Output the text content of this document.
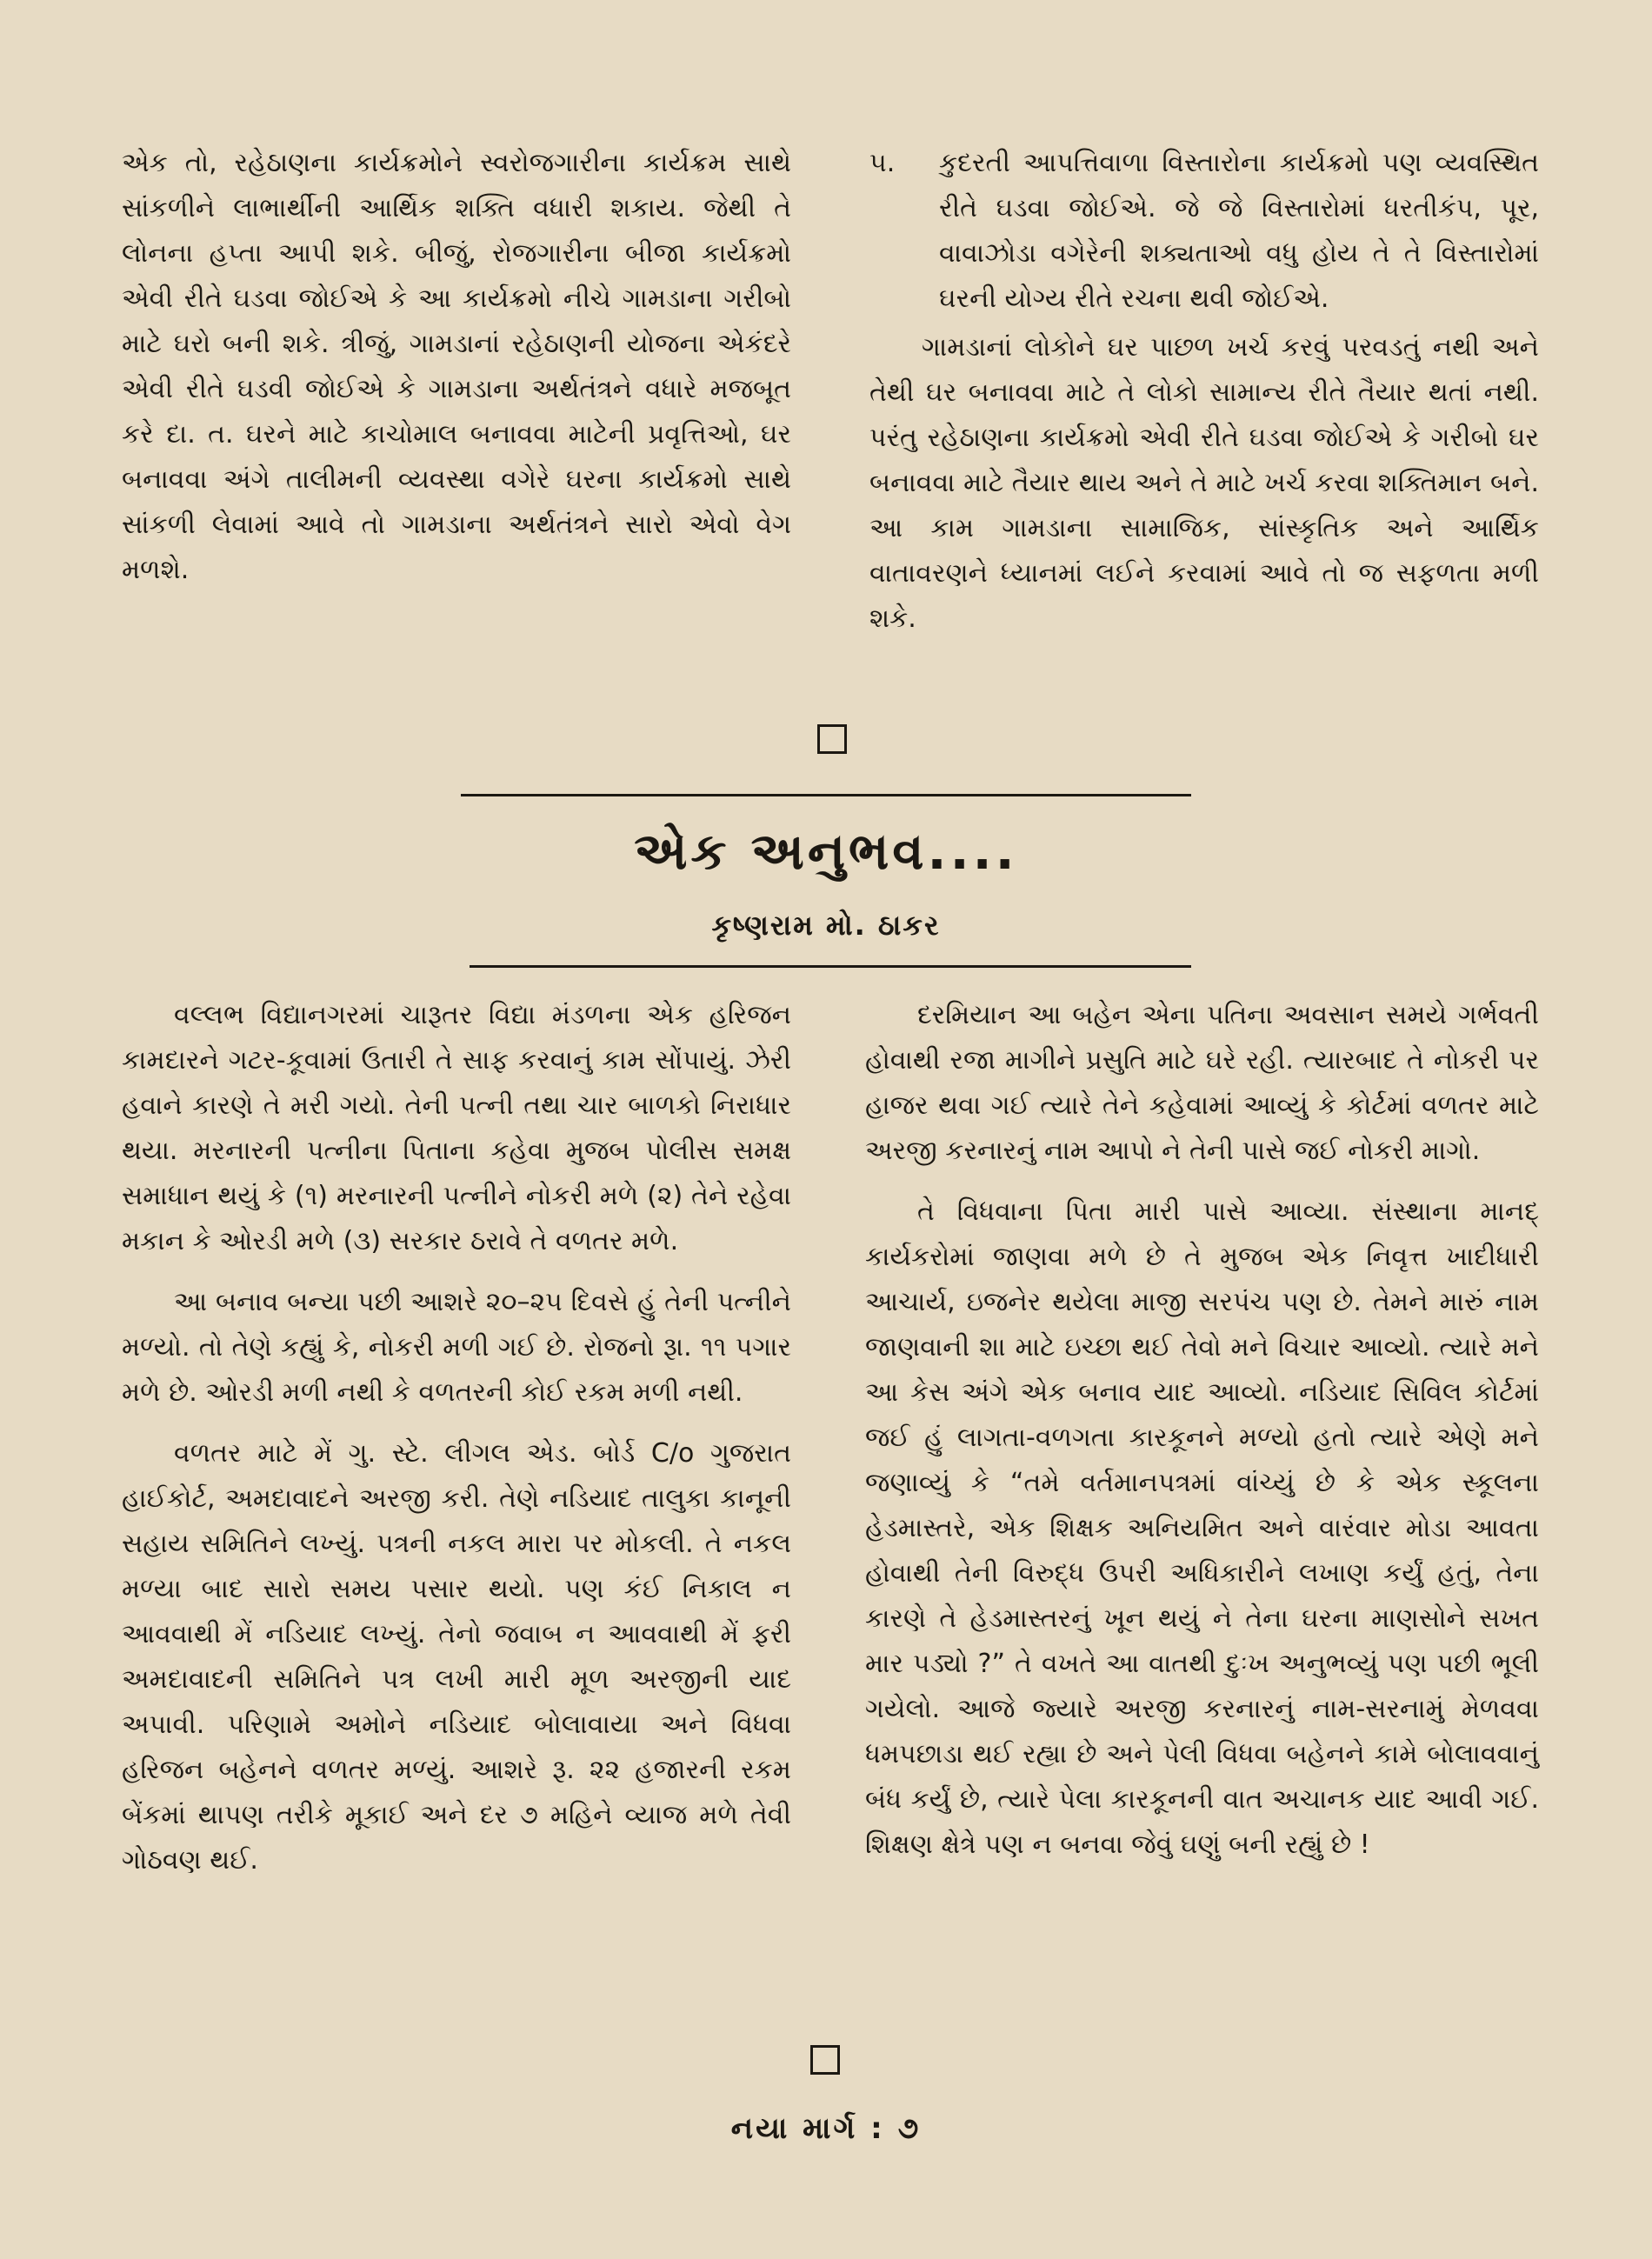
એક તો, રહેઠાણના કાર્યક્રમોને સ્વરોજગારીના કાર્યક્રમ સાથે સાંકળીને લાભાર્થીની આર્થિક શક્તિ વધારી શકાય. જેથી તે લોનના હપ્તા આપી શકે. બીજું, રોજગારીના બીજા કાર્યક્રમો એવી રીતે ઘડવા જોઈએ કે આ કાર્યક્રમો નીચે ગામડાના ગરીબો માટે ઘરો બની શકે. ત્રીજું, ગામડાનાં રહેઠાણની યોજના એકંદરે એવી રીતે ઘડવી જોઈએ કે ગામડાના અર્થતંત્રને વધારે મજબૂત કરે દા. ત. ઘરને માટે કાચોમાલ બનાવવા માટેની પ્રવૃત્તિઓ, ઘર બનાવવા અંગે તાલીમની વ્યવસ્થા વગેરે ઘરના કાર્યક્રમો સાથે સાંકળી લેવામાં આવે તો ગામડાના અર્થતંત્રને સારો એવો વેગ મળશે.

૫.	કુદરતી આપત્તિવાળા વિસ્તારોના કાર્યક્રમો પણ વ્યવસ્થિત રીતે ઘડવા જોઈએ. જે જે વિસ્તારોમાં ધરતીકંપ, પૂર, વાવાઝોડા વગેરેની શક્યતાઓ વધુ હોય તે તે વિસ્તારોમાં ઘરની યોગ્ય રીતે રચના થવી જોઈએ.

ગામડાનાં લોકોને ઘર પાછળ ખર્ચ કરવું પરવડતું નથી અને તેથી ઘર બનાવવા માટે તે લોકો સામાન્ય રીતે તૈયાર થતાં નથી. પરંતુ રહેઠાણના કાર્યક્રમો એવી રીતે ઘડવા જોઈએ કે ગરીબો ઘર બનાવવા માટે તૈયાર થાય અને તે માટે ખર્ચ કરવા શક્તિમાન બને. આ કામ ગામડાના સામાજિક, સાંસ્કૃતિક અને આર્થિક વાતાવરણને ધ્યાનમાં લઈને કરવામાં આવે તો જ સફળતા મળી શકે.

એક અનુભવ....
કૃષ્ણરામ મો. ઠાકર

વલ્લભ વિદ્યાનગરમાં ચારૂતર વિદ્યા મંડળના એક હરિજન કામદારને ગટર-કૂવામાં ઉતારી તે સાફ કરવાનું કામ સોંપાયું. ઝેરી હવાને કારણે તે મરી ગયો. તેની પત્ની તથા ચાર બાળકો નિરાધાર થયા. મરનારની પત્નીના પિતાના કહેવા મુજબ પોલીસ સમક્ષ સમાધાન થયું કે (૧) મરનારની પત્નીને નોકરી મળે (૨) તેને રહેવા મકાન કે ઓરડી મળે (૩) સરકાર ઠરાવે તે વળતર મળે.

આ બનાવ બન્યા પછી આશરે ૨૦–૨૫ દિવસે હું તેની પત્નીને મળ્યો. તો તેણે કહ્યું કે, નોકરી મળી ગઈ છે. રોજનો રૂા. ૧૧ પગાર મળે છે. ઓરડી મળી નથી કે વળતરની કોઈ રકમ મળી નથી.

વળતર માટે મેં ગુ. સ્ટે. લીગલ એડ. બોર્ડ C/o ગુજરાત હાઈકોર્ટ, અમદાવાદને અરજી કરી. તેણે નડિયાદ તાલુકા કાનૂની સહાય સમિતિને લખ્યું. પત્રની નકલ મારા પર મોકલી. તે નકલ મળ્યા બાદ સારો સમય પસાર થયો. પણ કંઈ નિકાલ ન આવવાથી મેં નડિયાદ લખ્યું. તેનો જવાબ ન આવવાથી મેં ફરી અમદાવાદની સમિતિને પત્ર લખી મારી મૂળ અરજીની યાદ અપાવી. પરિણામે અમોને નડિયાદ બોલાવાયા અને વિધવા હરિજન બહેનને વળતર મળ્યું. આશરે રૂ. ૨૨ હજારની રકમ બેંકમાં થાપણ તરીકે મૂકાઈ અને દર ૭ મહિને વ્યાજ મળે તેવી ગોઠવણ થઈ.

દરમિયાન આ બહેન એના પતિના અવસાન સમયે ગર્ભવતી હોવાથી રજા માગીને પ્રસુતિ માટે ઘરે રહી. ત્યારબાદ તે નોકરી પર હાજર થવા ગઈ ત્યારે તેને કહેવામાં આવ્યું કે કોર્ટમાં વળતર માટે અરજી કરનારનું નામ આપો ને તેની પાસે જઈ નોકરી માગો.

તે વિધવાના પિતા મારી પાસે આવ્યા. સંસ્થાના માનદ્ કાર્યકરોમાં જાણવા મળે છે તે મુજબ એક નિવૃત્ત ખાદીધારી આચાર્ય, ઇજનેર થયેલા માજી સરપંચ પણ છે. તેમને મારું નામ જાણવાની શા માટે ઇચ્છા થઈ તેવો મને વિચાર આવ્યો. ત્યારે મને આ કેસ અંગે એક બનાવ યાદ આવ્યો. નડિયાદ સિવિલ કોર્ટમાં જઈ હું લાગતા-વળગતા કારકૂનને મળ્યો હતો ત્યારે એણે મને જણાવ્યું કે “તમે વર્તમાનપત્રમાં વાંચ્યું છે કે એક સ્કૂલના હેડમાસ્તરે, એક શિક્ષક અનિયમિત અને વારંવાર મોડા આવતા હોવાથી તેની વિરુદ્ધ ઉપરી અધિકારીને લખાણ કર્યું હતું, તેના કારણે તે હેડમાસ્તરનું ખૂન થયું ને તેના ઘરના માણસોને સખત માર પડ્યો ?” તે વખતે આ વાતથી દુઃખ અનુભવ્યું પણ પછી ભૂલી ગયેલો. આજે જ્યારે અરજી કરનારનું નામ-સરનામું મેળવવા ધમપછાડા થઈ રહ્યા છે અને પેલી વિધવા બહેનને કામે બોલાવવાનું બંધ કર્યું છે, ત્યારે પેલા કારકૂનની વાત અચાનક યાદ આવી ગઈ. શિક્ષણ ક્ષેત્રે પણ ન બનવા જેવું ઘણું બની રહ્યું છે !

નયા માર્ગ : ૭
